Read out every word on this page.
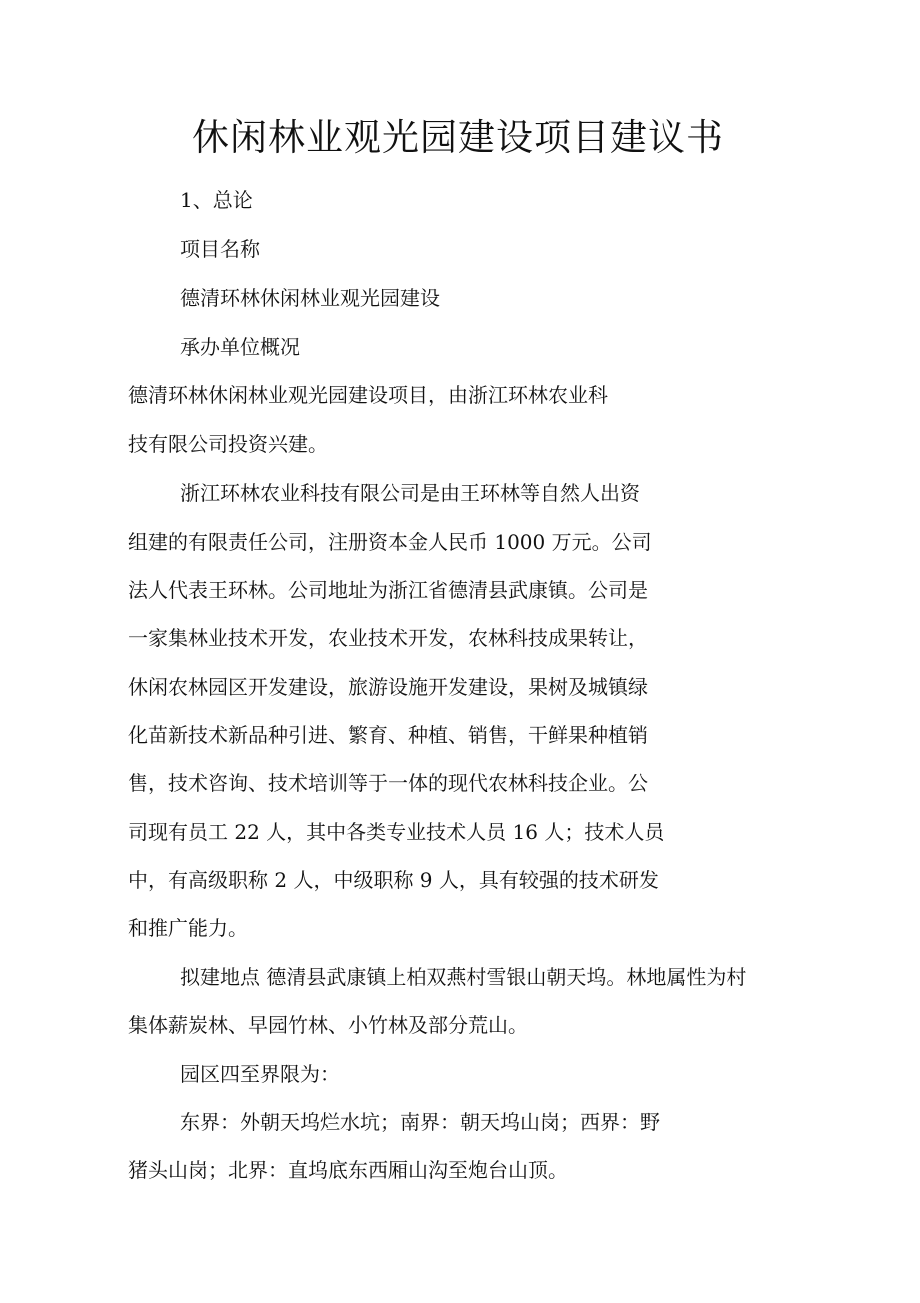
休闲林业观光园建设项目建议书

1、总论

项目名称

德清环林休闲林业观光园建设

承办单位概况

德清环林休闲林业观光园建设项目，由浙江环林农业科

技有限公司投资兴建。

浙江环林农业科技有限公司是由王环林等自然人出资

组建的有限责任公司，注册资本金人民币 1000 万元。公司

法人代表王环林。公司地址为浙江省德清县武康镇。公司是

一家集林业技术开发，农业技术开发，农林科技成果转让，

休闲农林园区开发建设，旅游设施开发建设，果树及城镇绿

化苗新技术新品种引进、繁育、种植、销售，干鲜果种植销

售，技术咨询、技术培训等于一体的现代农林科技企业。公

司现有员工 22 人，其中各类专业技术人员 16 人；技术人员

中，有高级职称 2 人，中级职称 9 人，具有较强的技术研发

和推广能力。

拟建地点 德清县武康镇上柏双燕村雪银山朝天坞。林地属性为村

集体薪炭林、早园竹林、小竹林及部分荒山。

园区四至界限为：

东界：外朝天坞烂水坑；南界：朝天坞山岗；西界：野

猪头山岗；北界：直坞底东西厢山沟至炮台山顶。
